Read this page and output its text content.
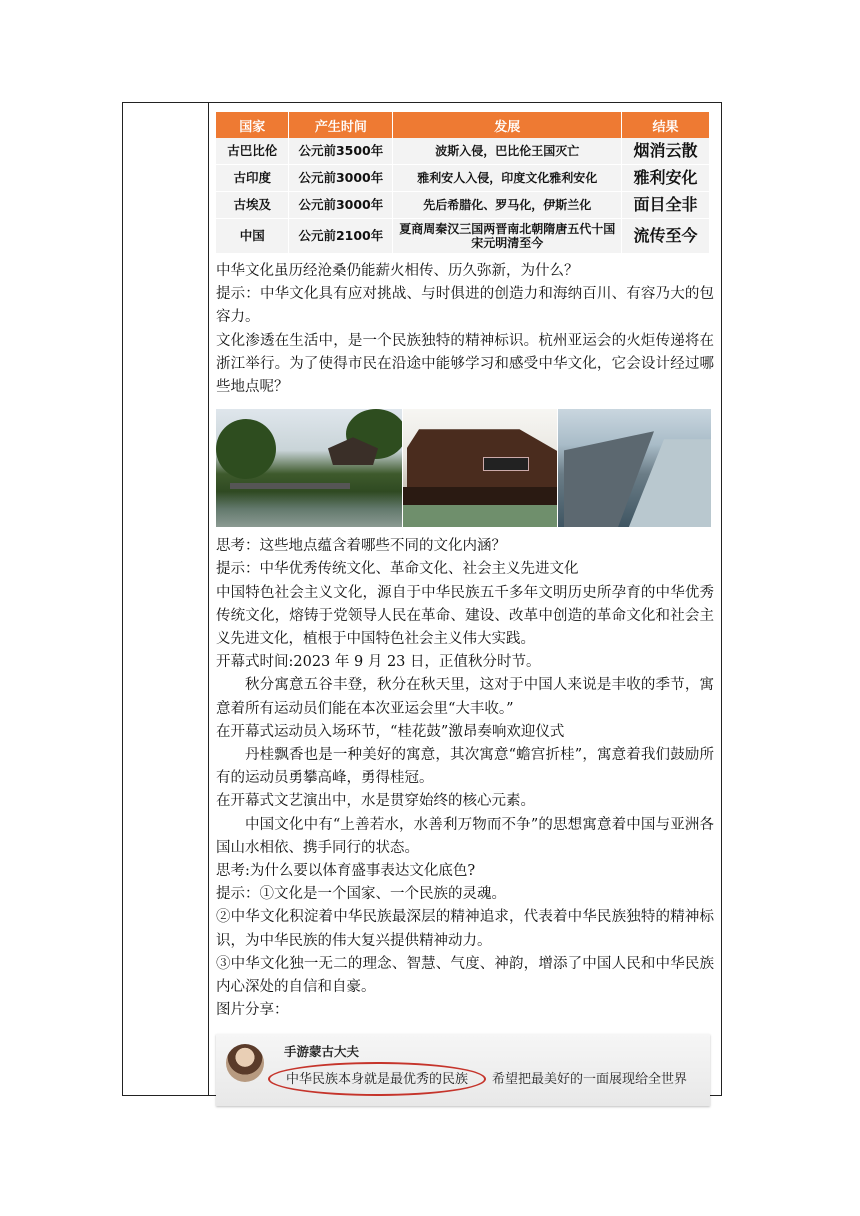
国家	产生时间	发展	结果
古巴比伦	公元前3500年	波斯入侵，巴比伦王国灭亡	烟消云散
古印度	公元前3000年	雅利安人入侵，印度文化雅利安化	雅利安化
古埃及	公元前3000年	先后希腊化、罗马化，伊斯兰化	面目全非
中国	公元前2100年	夏商周秦汉三国两晋南北朝隋唐五代十国宋元明清至今	流传至今

中华文化虽历经沧桑仍能薪火相传、历久弥新，为什么？

提示：中华文化具有应对挑战、与时俱进的创造力和海纳百川、有容乃大的包容力。

文化渗透在生活中，是一个民族独特的精神标识。杭州亚运会的火炬传递将在浙江举行。为了使得市民在沿途中能够学习和感受中华文化，它会设计经过哪些地点呢？

思考：这些地点蕴含着哪些不同的文化内涵？

提示：中华优秀传统文化、革命文化、社会主义先进文化

中国特色社会主义文化，源自于中华民族五千多年文明历史所孕育的中华优秀传统文化，熔铸于党领导人民在革命、建设、改革中创造的革命文化和社会主义先进文化，植根于中国特色社会主义伟大实践。

开幕式时间:2023 年 9 月 23 日，正值秋分时节。

秋分寓意五谷丰登，秋分在秋天里，这对于中国人来说是丰收的季节，寓意着所有运动员们能在本次亚运会里“大丰收。”

在开幕式运动员入场环节，“桂花鼓”激昂奏响欢迎仪式

丹桂飘香也是一种美好的寓意，其次寓意“蟾宫折桂”，寓意着我们鼓励所有的运动员勇攀高峰，勇得桂冠。

在开幕式文艺演出中，水是贯穿始终的核心元素。

中国文化中有“上善若水，水善利万物而不争”的思想寓意着中国与亚洲各国山水相依、携手同行的状态。

思考:为什么要以体育盛事表达文化底色?

提示：①文化是一个国家、一个民族的灵魂。

②中华文化积淀着中华民族最深层的精神追求，代表着中华民族独特的精神标识，为中华民族的伟大复兴提供精神动力。

③中华文化独一无二的理念、智慧、气度、神韵，增添了中国人民和中华民族内心深处的自信和自豪。

图片分享：

手游蒙古大夫
中华民族本身就是最优秀的民族 希望把最美好的一面展现给全世界
